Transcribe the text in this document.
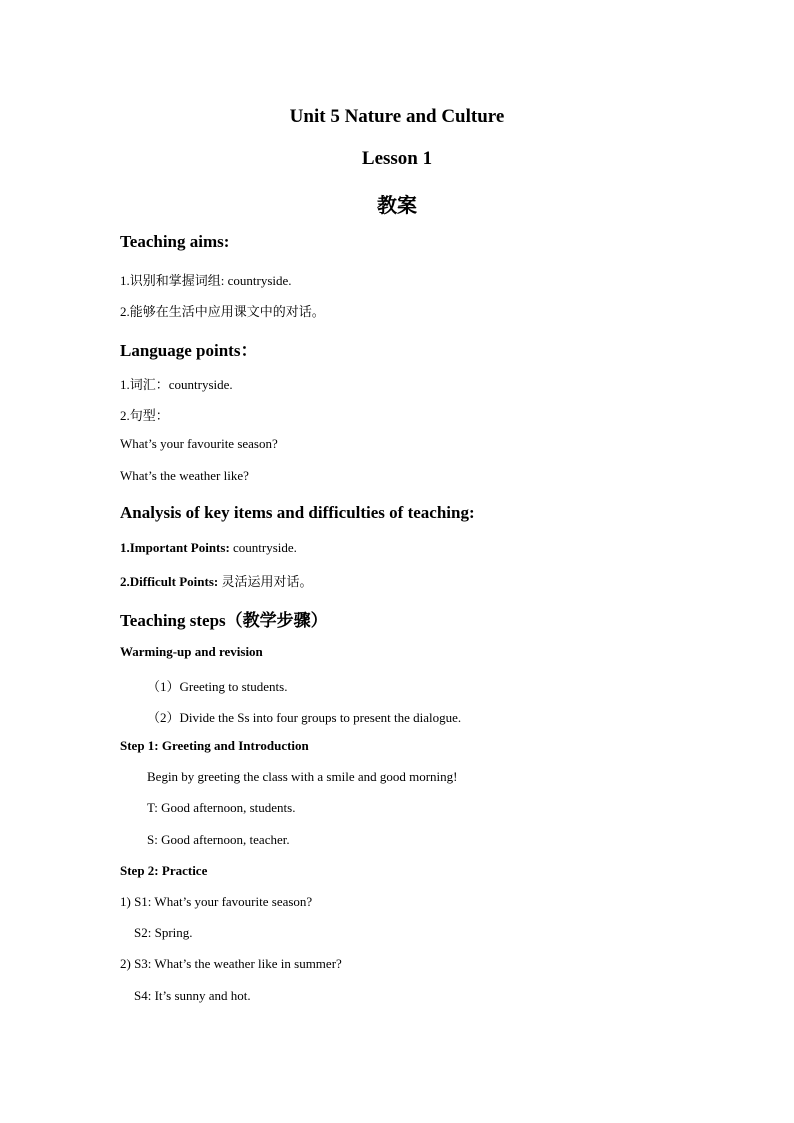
Unit 5 Nature and Culture
Lesson 1
教案
Teaching aims:
1.识别和掌握词组: countryside.
2.能够在生活中应用课文中的对话。
Language points：
1.词汇：countryside.
2.句型：
What’s your favourite season?
What’s the weather like?
Analysis of key items and difficulties of teaching:
1.Important Points: countryside.
2.Difficult Points: 灵活运用对话。
Teaching steps（教学步骤）
Warming-up and revision
（1）Greeting to students.
（2）Divide the Ss into four groups to present the dialogue.
Step 1: Greeting and Introduction
Begin by greeting the class with a smile and good morning!
T: Good afternoon, students.
S: Good afternoon, teacher.
Step 2: Practice
1) S1: What’s your favourite season?
S2: Spring.
2) S3: What’s the weather like in summer?
S4: It’s sunny and hot.
